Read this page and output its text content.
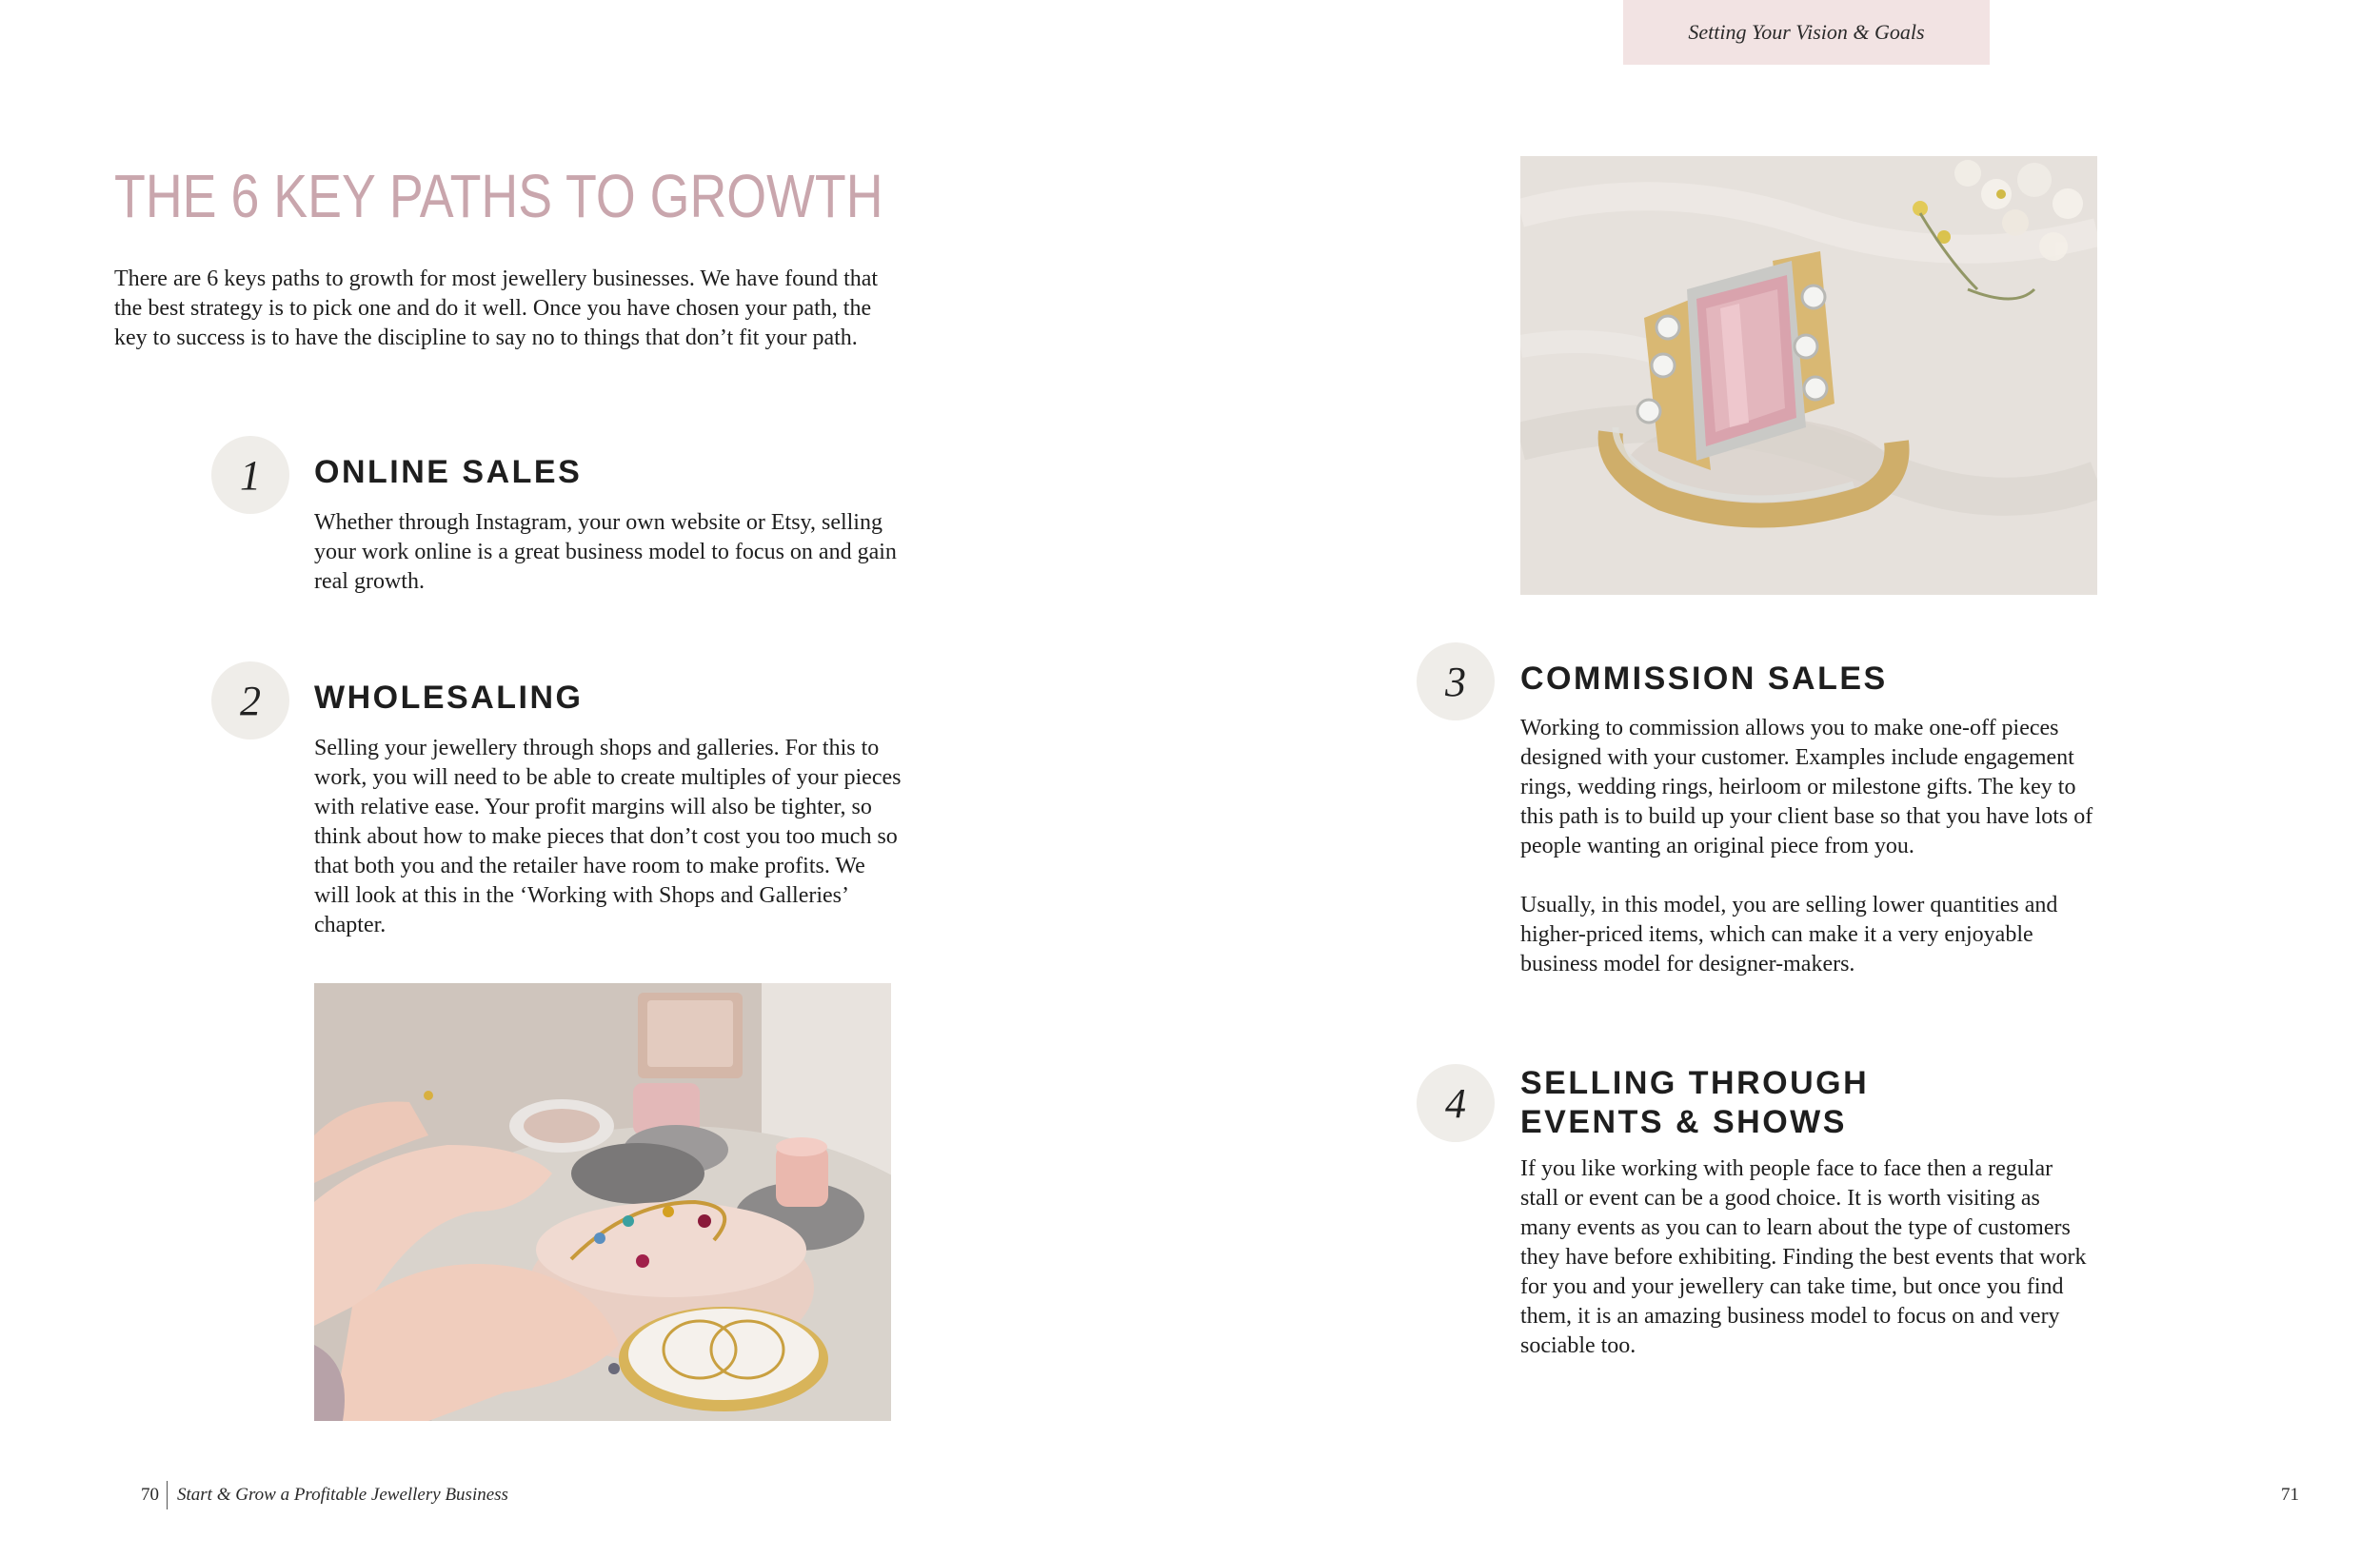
Setting Your Vision & Goals
THE 6 KEY PATHS TO GROWTH

There are 6 keys paths to growth for most jewellery businesses. We have found that the best strategy is to pick one and do it well. Once you have chosen your path, the key to success is to have the discipline to say no to things that don’t fit your path.

1	ONLINE SALES

Whether through Instagram, your own website or Etsy, selling your work online is a great business model to focus on and gain real growth.

2	WHOLESALING

Selling your jewellery through shops and galleries. For this to work, you will need to be able to create multiples of your pieces with relative ease. Your profit margins will also be tighter, so think about how to make pieces that don’t cost you too much so that both you and the retailer have room to make profits. We will look at this in the ‘Working with Shops and Galleries’ chapter.

3	COMMISSION SALES

Working to commission allows you to make one-off pieces designed with your customer. Examples include engagement rings, wedding rings, heirloom or milestone gifts. The key to this path is to build up your client base so that you have lots of people wanting an original piece from you.

Usually, in this model, you are selling lower quantities and higher-priced items, which can make it a very enjoyable business model for designer-makers.

4	SELLING THROUGH
EVENTS & SHOWS

If you like working with people face to face then a regular stall or event can be a good choice. It is worth visiting as many events as you can to learn about the type of customers they have before exhibiting. Finding the best events that work for you and your jewellery can take time, but once you find them, it is an amazing business model to focus on and very sociable too.

70	Start & Grow a Profitable Jewellery Business	71
